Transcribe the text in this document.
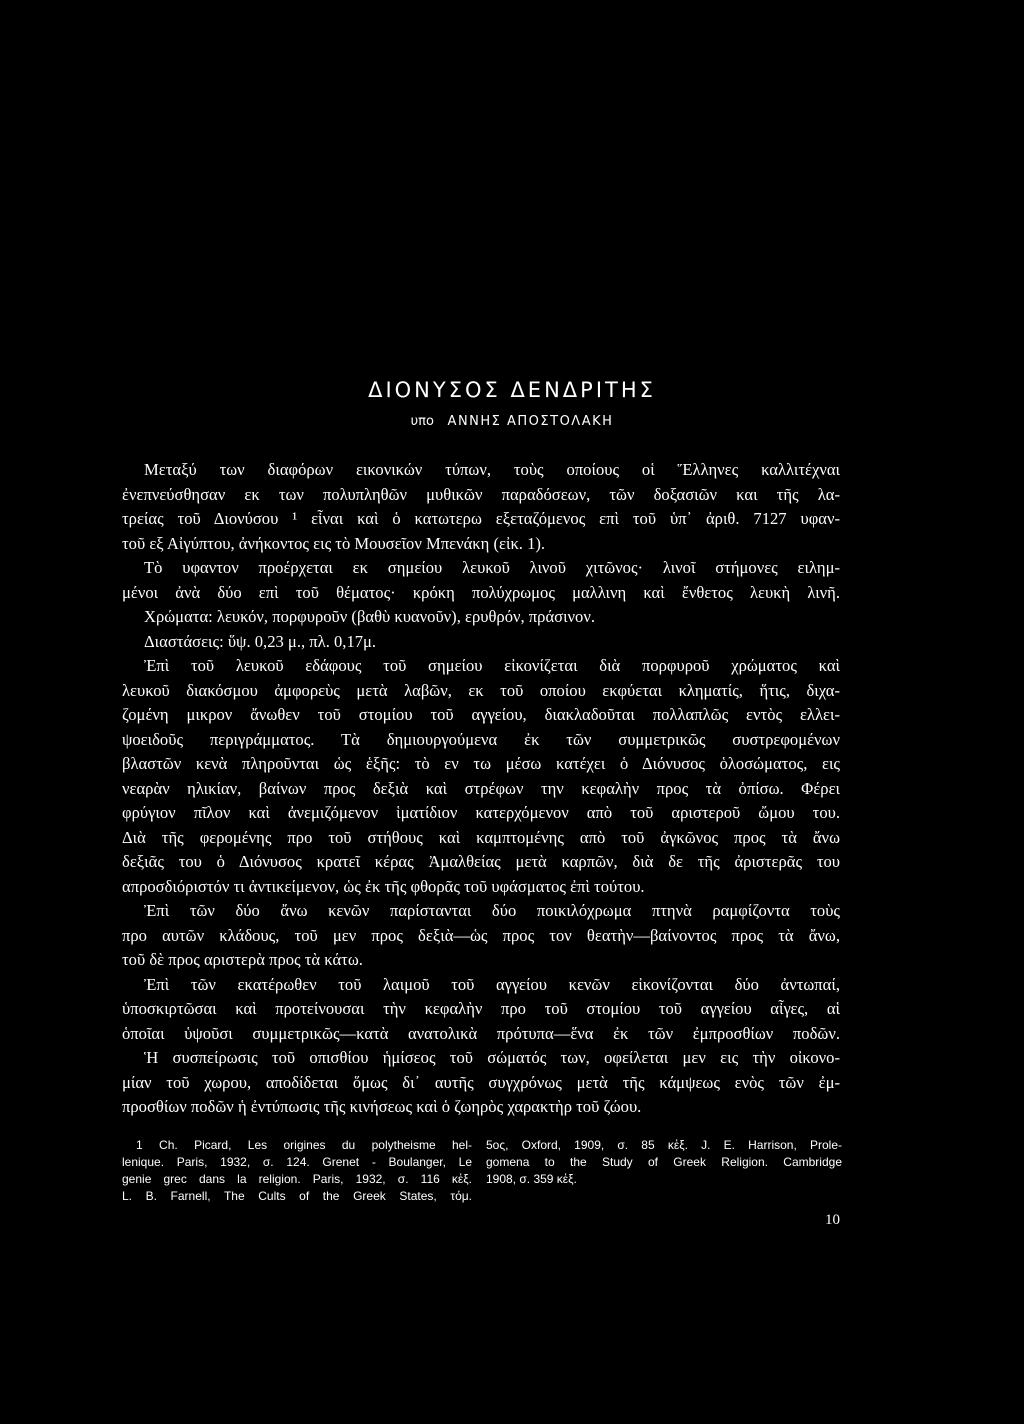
ΔΙΟΝΥΣΟΣ ΔΕΝΔΡΙΤΗΣ
υπο ΑΝΝΗΣ ΑΠΟΣΤΟΛΑΚΗ
Μεταξύ των διαφόρων εικονικών τύπων, τοὺς οποίους οἱ Ἕλληνες καλλιτέχναι
ἐνεπνεύσθησαν εκ των πολυπληθῶν μυθικῶν παραδόσεων, τῶν δοξασιῶν και τῆς λα-
τρείας τοῦ Διονύσου ¹ εἶναι καὶ ὁ κατωτερω εξεταζόμενος επὶ τοῦ ὑπ᾽ ἀριθ. 7127 υφαν-
τοῦ εξ Αἰγύπτου, ἀνήκοντος εις τὸ Μουσεῖον Μπενάκη (εἰκ. 1).
Τὸ υφαντον προέρχεται εκ σημείου λευκοῦ λινοῦ χιτῶνος· λινοῖ στήμονες ειλημ-
μένοι ἀνὰ δύο επὶ τοῦ θέματος· κρόκη πολύχρωμος μαλλινη καὶ ἔνθετος λευκὴ λινῆ.
Χρώματα: λευκόν, πορφυροῦν (βαθὺ κυανοῦν), ερυθρόν, πράσινον.
Διαστάσεις: ὕψ. 0,23 μ., πλ. 0,17μ.
Ἐπὶ τοῦ λευκοῦ εδάφους τοῦ σημείου εἰκονίζεται διὰ πορφυροῦ χρώματος καὶ
λευκοῦ διακόσμου ἀμφορεὺς μετὰ λαβῶν, εκ τοῦ οποίου εκφύεται κληματίς, ἥτις, διχα-
ζομένη μικρον ἄνωθεν τοῦ στομίου τοῦ αγγείου, διακλαδοῦται πολλαπλῶς εντὸς ελλει-
ψοειδοῦς περιγράμματος. Τὰ δημιουργούμενα ἐκ τῶν συμμετρικῶς συστρεφομένων
βλαστῶν κενὰ πληροῦνται ὡς ἑξῆς: τὸ εν τω μέσω κατέχει ὁ Διόνυσος ὁλοσώματος, εις
νεαρὰν ηλικίαν, βαίνων προς δεξιὰ καὶ στρέφων την κεφαλὴν προς τὰ ὀπίσω. Φέρει
φρύγιον πῖλον καὶ ἀνεμιζόμενον ἱματίδιον κατερχόμενον απὸ τοῦ αριστεροῦ ὤμου του.
Διὰ τῆς φερομένης προ τοῦ στήθους καὶ καμπτομένης απὸ τοῦ ἀγκῶνος προς τὰ ἄνω
δεξιᾶς του ὁ Διόνυσος κρατεῖ κέρας Ἀμαλθείας μετὰ καρπῶν, διὰ δε τῆς ἀριστερᾶς του
απροσδιόριστόν τι ἀντικείμενον, ὡς ἐκ τῆς φθορᾶς τοῦ υφάσματος ἐπὶ τούτου.
Ἐπὶ τῶν δύο ἄνω κενῶν παρίστανται δύο ποικιλόχρωμα πτηνὰ ραμφίζοντα τοὺς
προ αυτῶν κλάδους, τοῦ μεν προς δεξιὰ—ὡς προς τον θεατὴν—βαίνοντος προς τὰ ἄνω,
τοῦ δὲ προς αριστερὰ προς τὰ κάτω.
Ἐπὶ τῶν εκατέρωθεν τοῦ λαιμοῦ τοῦ αγγείου κενῶν εἰκονίζονται δύο ἀντωπαί,
ὑποσκιρτῶσαι καὶ προτείνουσαι τὴν κεφαλὴν προ τοῦ στομίου τοῦ αγγείου αἶγες, αἱ
ὁποῖαι ὑψοῦσι συμμετρικῶς—κατὰ ανατολικὰ πρότυπα—ἕνα ἐκ τῶν ἐμπροσθίων ποδῶν.
Ἡ συσπείρωσις τοῦ οπισθίου ἡμίσεος τοῦ σώματός των, οφείλεται μεν εις τὴν οἰκονο-
μίαν τοῦ χωρου, αποδίδεται ὅμως δι᾽ αυτῆς συγχρόνως μετὰ τῆς κάμψεως ενὸς τῶν ἐμ-
προσθίων ποδῶν ἡ ἐντύπωσις τῆς κινήσεως καὶ ὁ ζωηρὸς χαρακτὴρ τοῦ ζώου.
1 Ch. Picard, Les origines du polytheisme hel-
lenique. Paris, 1932, σ. 124. Grenet - Boulanger, Le
genie grec dans la religion. Paris, 1932, σ. 116 κἑξ.
L. B. Farnell, The Cults of the Greek States, τόμ.
5ος, Oxford, 1909, σ. 85 κἑξ. J. E. Harrison, Prole-
gomena to the Study of Greek Religion. Cambridge
1908, σ. 359 κἑξ.
10
